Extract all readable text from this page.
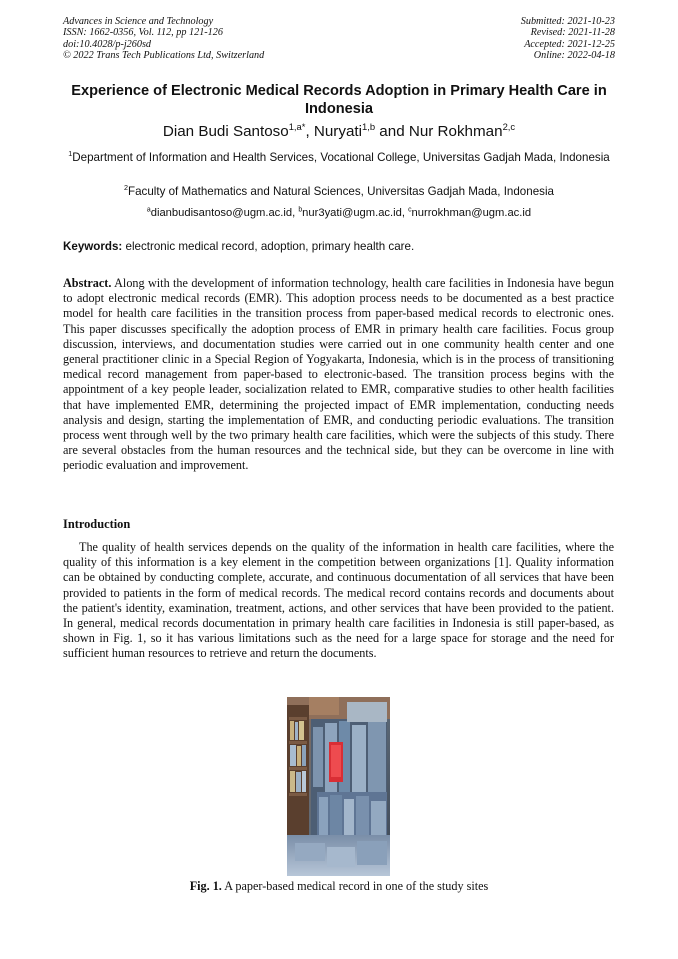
Advances in Science and Technology
ISSN: 1662-0356, Vol. 112, pp 121-126
doi:10.4028/p-j260sd
© 2022 Trans Tech Publications Ltd, Switzerland
Submitted: 2021-10-23
Revised: 2021-11-28
Accepted: 2021-12-25
Online: 2022-04-18
Experience of Electronic Medical Records Adoption in Primary Health Care in Indonesia
Dian Budi Santoso$^{1,a*}$, Nuryati$^{1,b}$ and Nur Rokhman$^{2,c}$
$^1$Department of Information and Health Services, Vocational College, Universitas Gadjah Mada, Indonesia
$^2$Faculty of Mathematics and Natural Sciences, Universitas Gadjah Mada, Indonesia
$^a$dianbudisantoso@ugm.ac.id, $^b$nur3yati@ugm.ac.id, $^c$nurrokhman@ugm.ac.id
Keywords: electronic medical record, adoption, primary health care.
Abstract. Along with the development of information technology, health care facilities in Indonesia have begun to adopt electronic medical records (EMR). This adoption process needs to be documented as a best practice model for health care facilities in the transition process from paper-based medical records to electronic ones. This paper discusses specifically the adoption process of EMR in primary health care facilities. Focus group discussion, interviews, and documentation studies were carried out in one community health center and one general practitioner clinic in a Special Region of Yogyakarta, Indonesia, which is in the process of transitioning medical record management from paper-based to electronic-based. The transition process begins with the appointment of a key people leader, socialization related to EMR, comparative studies to other health facilities that have implemented EMR, determining the projected impact of EMR implementation, conducting needs analysis and design, starting the implementation of EMR, and conducting periodic evaluations. The transition process went through well by the two primary health care facilities, which were the subjects of this study. There are several obstacles from the human resources and the technical side, but they can be overcome in line with periodic evaluation and improvement.
Introduction
The quality of health services depends on the quality of the information in health care facilities, where the quality of this information is a key element in the competition between organizations [1]. Quality information can be obtained by conducting complete, accurate, and continuous documentation of all services that have been provided to patients in the form of medical records. The medical record contains records and documents about the patient's identity, examination, treatment, actions, and other services that have been provided to the patient. In general, medical records documentation in primary health care facilities in Indonesia is still paper-based, as shown in Fig. 1, so it has various limitations such as the need for a large space for storage and the need for sufficient human resources to retrieve and return the documents.
Fig. 1. A paper-based medical record in one of the study sites
